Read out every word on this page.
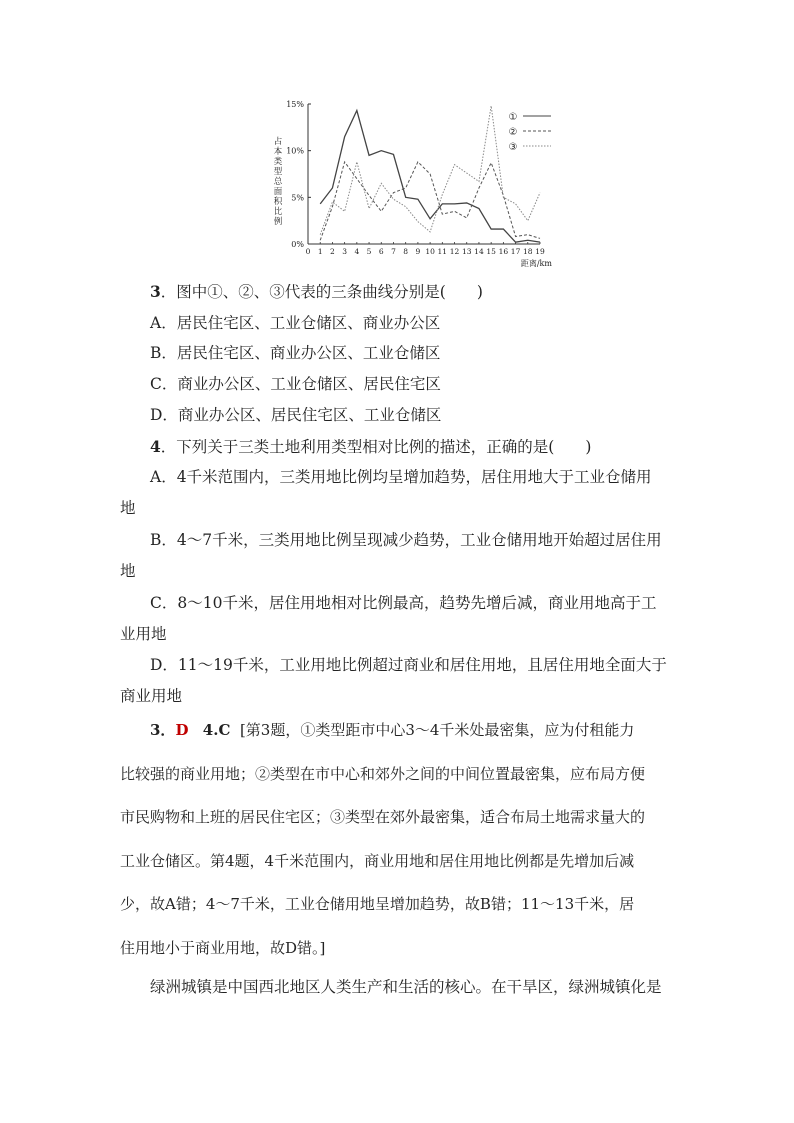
0%
5%
10%
15%
0 1 2 3 4 5 6 7 8 9 10 11 12 13 14 15 16 17 18 19
距离/km
占
本
类
型
总
面
积
比
例
①
②
③
3．图中①、②、③代表的三条曲线分别是(　　)
A．居民住宅区、工业仓储区、商业办公区
B．居民住宅区、商业办公区、工业仓储区
C．商业办公区、工业仓储区、居民住宅区
D．商业办公区、居民住宅区、工业仓储区
4．下列关于三类土地利用类型相对比例的描述，正确的是(　　)
A．4千米范围内，三类用地比例均呈增加趋势，居住用地大于工业仓储用
地
B．4～7千米，三类用地比例呈现减少趋势，工业仓储用地开始超过居住用
地
C．8～10千米，居住用地相对比例最高，趋势先增后减，商业用地高于工
业用地
D．11～19千米，工业用地比例超过商业和居住用地，且居住用地全面大于
商业用地
3．D 4.C [第3题，①类型距市中心3～4千米处最密集，应为付租能力
比较强的商业用地；②类型在市中心和郊外之间的中间位置最密集，应布局方便
市民购物和上班的居民住宅区；③类型在郊外最密集，适合布局土地需求量大的
工业仓储区。第4题，4千米范围内，商业用地和居住用地比例都是先增加后减
少，故A错；4～7千米，工业仓储用地呈增加趋势，故B错；11～13千米，居
住用地小于商业用地，故D错。]
绿洲城镇是中国西北地区人类生产和生活的核心。在干旱区，绿洲城镇化是
